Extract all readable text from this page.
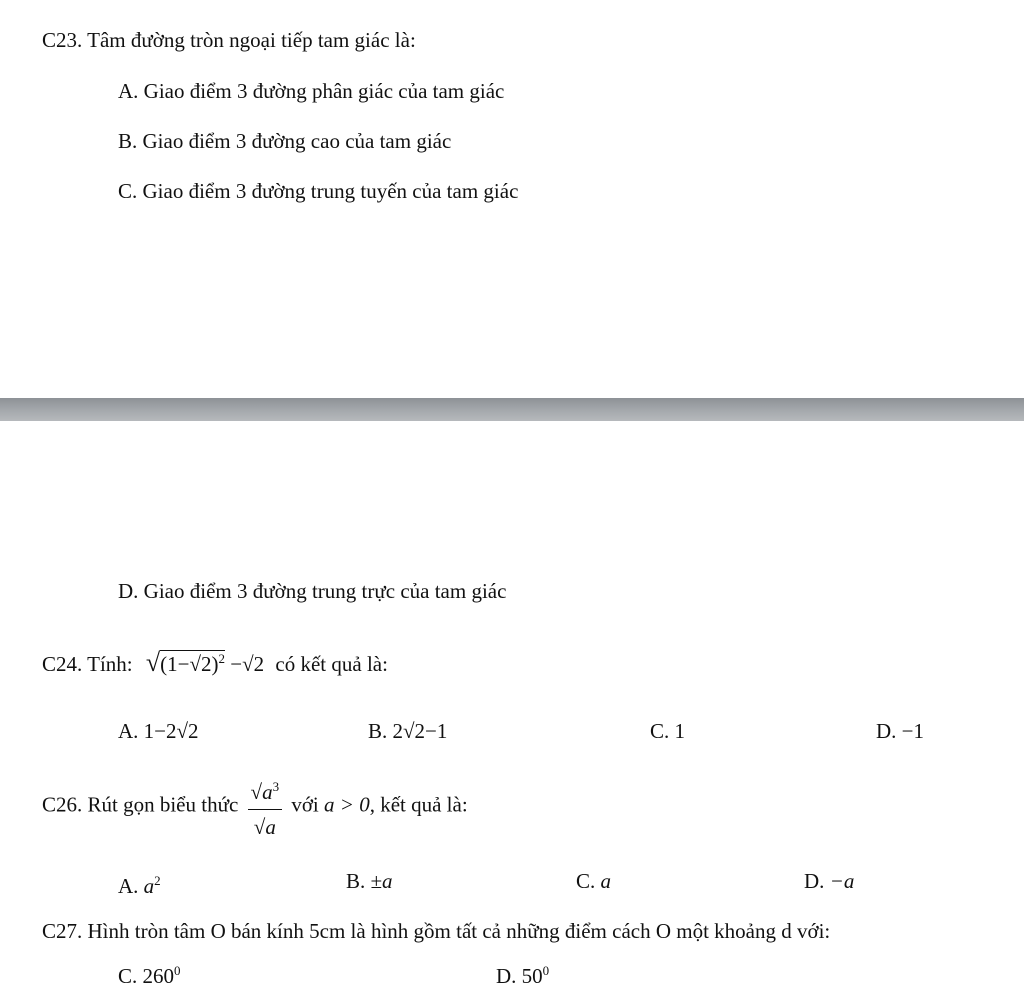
C23. Tâm đường tròn ngoại tiếp tam giác là:
A. Giao điểm 3 đường phân giác của tam giác
B. Giao điểm 3 đường cao của tam giác
C. Giao điểm 3 đường trung tuyến của tam giác
D. Giao điểm 3 đường trung trực của tam giác
C24. Tính: $√(1-√2)^2 -√2$ có kết quả là:
A. 1−2√2	B. 2√2−1	C. 1	D. −1
C26. Rút gọn biểu thức $\frac{√a^3}{√a}$ với a > 0, kết quả là:
A. $a^2$	B. ±a	C. a	D. −a
C27. Hình tròn tâm O bán kính 5cm là hình gồm tất cả những điểm cách O một khoảng d với:
C. $260^0$	D. $50^0$
